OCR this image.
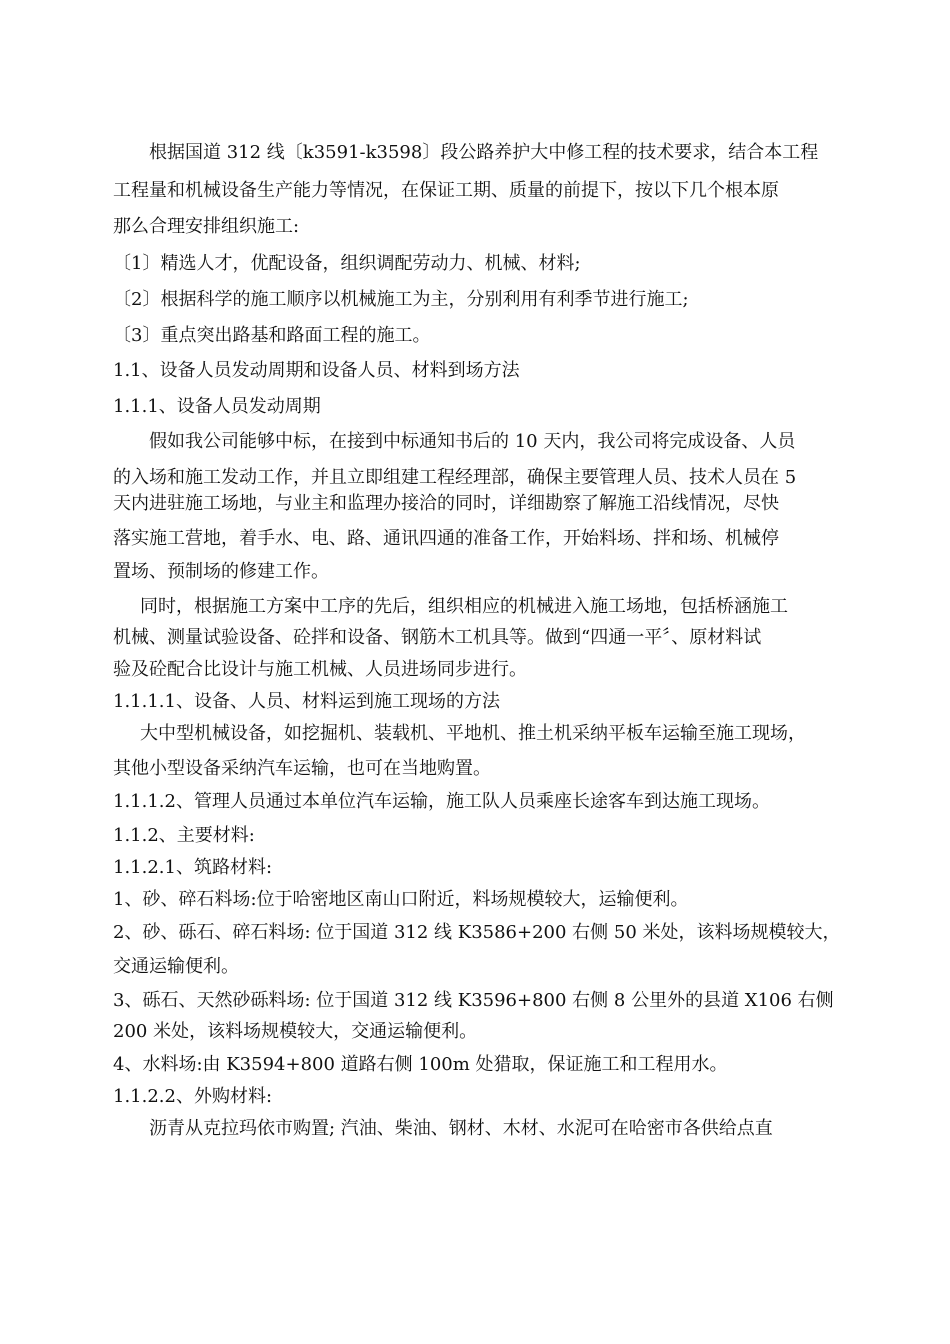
根据国道 312 线〔k3591-k3598〕段公路养护大中修工程的技术要求，结合本工程
工程量和机械设备生产能力等情况，在保证工期、质量的前提下，按以下几个根本原
那么合理安排组织施工:
〔1〕精选人才，优配设备，组织调配劳动力、机械、材料;
〔2〕根据科学的施工顺序以机械施工为主，分别利用有利季节进行施工;
〔3〕重点突出路基和路面工程的施工。
1.1、设备人员发动周期和设备人员、材料到场方法
1.1.1、设备人员发动周期
假如我公司能够中标，在接到中标通知书后的 10 天内，我公司将完成设备、人员
的入场和施工发动工作，并且立即组建工程经理部，确保主要管理人员、技术人员在 5
天内进驻施工场地，与业主和监理办接洽的同时，详细勘察了解施工沿线情况，尽快
落实施工营地，着手水、电、路、通讯四通的准备工作，开始料场、拌和场、机械停
置场、预制场的修建工作。
同时，根据施工方案中工序的先后，组织相应的机械进入施工场地，包括桥涵施工
机械、测量试验设备、砼拌和设备、钢筋木工机具等。做到“四通一平〞、原材料试
验及砼配合比设计与施工机械、人员进场同步进行。
1.1.1.1、设备、人员、材料运到施工现场的方法
大中型机械设备，如挖掘机、装载机、平地机、推土机采纳平板车运输至施工现场，
其他小型设备采纳汽车运输，也可在当地购置。
1.1.1.2、管理人员通过本单位汽车运输，施工队人员乘座长途客车到达施工现场。
1.1.2、主要材料:
1.1.2.1、筑路材料:
1、砂、碎石料场:位于哈密地区南山口附近，料场规模较大，运输便利。
2、砂、砾石、碎石料场: 位于国道 312 线 K3586+200 右侧 50 米处，该料场规模较大，
交通运输便利。
3、砾石、天然砂砾料场: 位于国道 312 线 K3596+800 右侧 8 公里外的县道 X106 右侧
200 米处，该料场规模较大，交通运输便利。
4、水料场:由 K3594+800 道路右侧 100m 处猎取，保证施工和工程用水。
1.1.2.2、外购材料:
沥青从克拉玛依市购置; 汽油、柴油、钢材、木材、水泥可在哈密市各供给点直
